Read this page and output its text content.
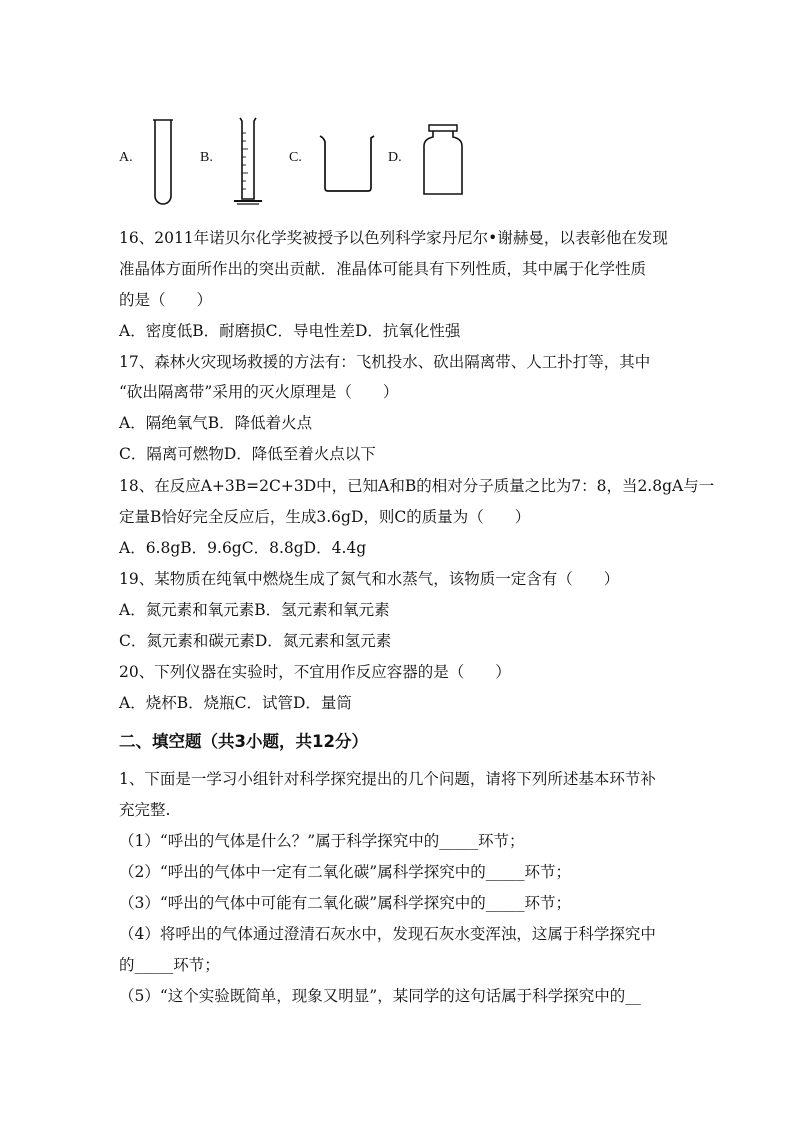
A.	B.	C.	D.
16、2011年诺贝尔化学奖被授予以色列科学家丹尼尔•谢赫曼，以表彰他在发现
准晶体方面所作出的突出贡献．准晶体可能具有下列性质，其中属于化学性质
的是（　　）
A．密度低B．耐磨损C．导电性差D．抗氧化性强
17、森林火灾现场救援的方法有：飞机投水、砍出隔离带、人工扑打等，其中
“砍出隔离带”采用的灭火原理是（　　）
A．隔绝氧气B．降低着火点
C．隔离可燃物D．降低至着火点以下
18、在反应A+3B=2C+3D中，已知A和B的相对分子质量之比为7：8，当2.8gA与一
定量B恰好完全反应后，生成3.6gD，则C的质量为（　　）
A．6.8gB．9.6gC．8.8gD．4.4g
19、某物质在纯氧中燃烧生成了氮气和水蒸气，该物质一定含有（　　）
A．氮元素和氧元素B．氢元素和氧元素
C．氮元素和碳元素D．氮元素和氢元素
20、下列仪器在实验时，不宜用作反应容器的是（　　）
A．烧杯B．烧瓶C．试管D．量筒
二、填空题（共3小题，共12分）
1、下面是一学习小组针对科学探究提出的几个问题，请将下列所述基本环节补
充完整.
（1）“呼出的气体是什么？”属于科学探究中的_____环节；
（2）“呼出的气体中一定有二氧化碳”属科学探究中的_____环节；
（3）“呼出的气体中可能有二氧化碳”属科学探究中的_____环节；
（4）将呼出的气体通过澄清石灰水中，发现石灰水变浑浊，这属于科学探究中
的_____环节；
（5）“这个实验既简单，现象又明显”，某同学的这句话属于科学探究中的__
